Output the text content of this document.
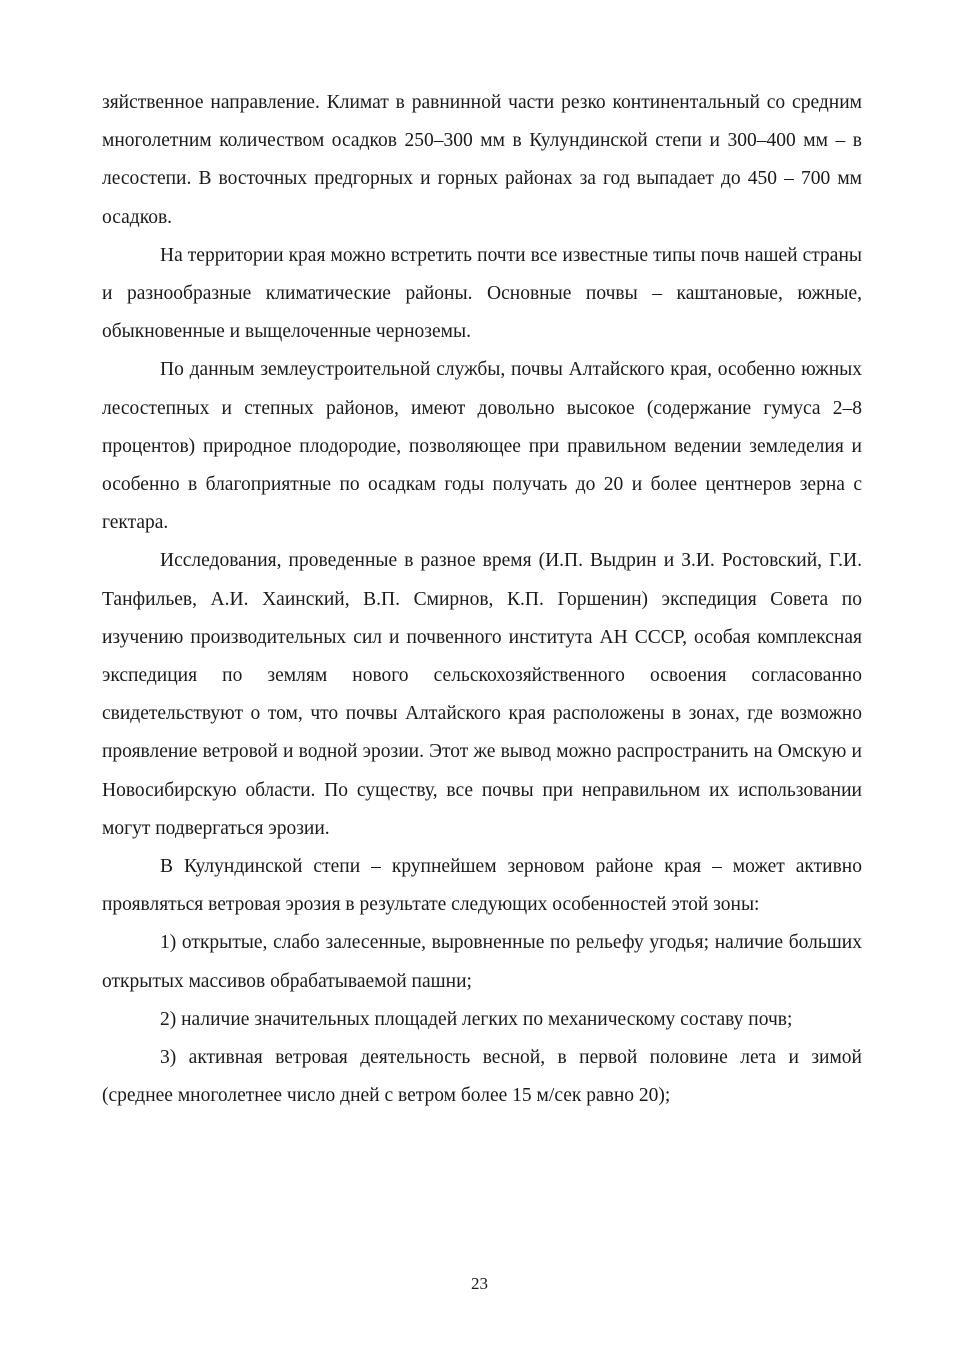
зяйственное направление. Климат в равнинной части резко континентальный со средним многолетним количеством осадков 250–300 мм в Кулундинской степи и 300–400 мм – в лесостепи. В восточных предгорных и горных районах за год выпадает до 450 – 700 мм осадков.

На территории края можно встретить почти все известные типы почв нашей страны и разнообразные климатические районы. Основные почвы – каштановые, южные, обыкновенные и выщелоченные черноземы.

По данным землеустроительной службы, почвы Алтайского края, особенно южных лесостепных и степных районов, имеют довольно высокое (содержание гумуса 2–8 процентов) природное плодородие, позволяющее при правильном ведении земледелия и особенно в благоприятные по осадкам годы получать до 20 и более центнеров зерна с гектара.

Исследования, проведенные в разное время (И.П. Выдрин и З.И. Ростовский, Г.И. Танфильев, А.И. Хаинский, В.П. Смирнов, К.П. Горшенин) экспедиция Совета по изучению производительных сил и почвенного института АН СССР, особая комплексная экспедиция по землям нового сельскохозяйственного освоения согласованно свидетельствуют о том, что почвы Алтайского края расположены в зонах, где возможно проявление ветровой и водной эрозии. Этот же вывод можно распространить на Омскую и Новосибирскую области. По существу, все почвы при неправильном их использовании могут подвергаться эрозии.

В Кулундинской степи – крупнейшем зерновом районе края – может активно проявляться ветровая эрозия в результате следующих особенностей этой зоны:

1) открытые, слабо залесенные, выровненные по рельефу угодья; наличие больших открытых массивов обрабатываемой пашни;

2) наличие значительных площадей легких по механическому составу почв;

3) активная ветровая деятельность весной, в первой половине лета и зимой (среднее многолетнее число дней с ветром более 15 м/сек равно 20);

23
